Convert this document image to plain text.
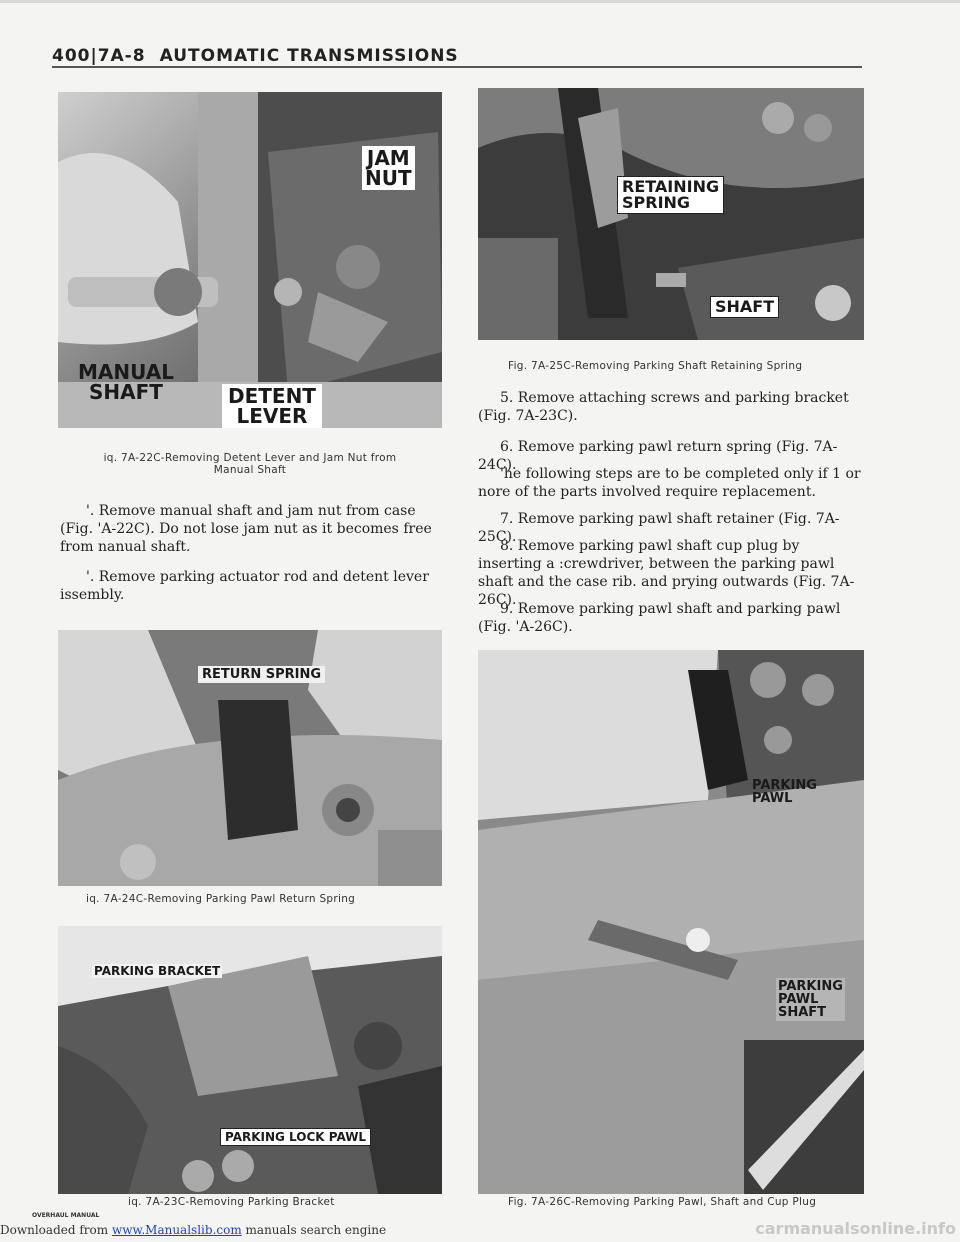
400|7A-8 AUTOMATIC TRANSMISSIONS
JAM
NUT
MANUAL
SHAFT	DETENT
LEVER
iq. 7A-22C-Removing Detent Lever and Jam Nut from
Manual Shaft
RETAINING
SPRING
SHAFT
Fig. 7A-25C-Removing Parking Shaft Retaining Spring

'. Remove manual shaft and jam nut from case (Fig. 'A-22C). Do not lose jam nut as it becomes free from nanual shaft.

'. Remove parking actuator rod and detent lever issembly.

5. Remove attaching screws and parking bracket (Fig. 7A-23C).

6. Remove parking pawl return spring (Fig. 7A-24C).

'he following steps are to be completed only if 1 or nore of the parts involved require replacement.

7. Remove parking pawl shaft retainer (Fig. 7A-25C).

8. Remove parking pawl shaft cup plug by inserting a :crewdriver, between the parking pawl shaft and the case rib. and prying outwards (Fig. 7A-26C).

9. Remove parking pawl shaft and parking pawl (Fig. 'A-26C).

RETURN SPRING
iq. 7A-24C-Removing Parking Pawl Return Spring
PARKING BRACKET
PARKING LOCK PAWL
iq. 7A-23C-Removing Parking Bracket
PARKING
PAWL
PARKING
PAWL
SHAFT
Fig. 7A-26C-Removing Parking Pawl, Shaft and Cup Plug
OVERHAUL MANUAL
Downloaded from www.Manualslib.com manuals search engine	carmanualsonline.info
